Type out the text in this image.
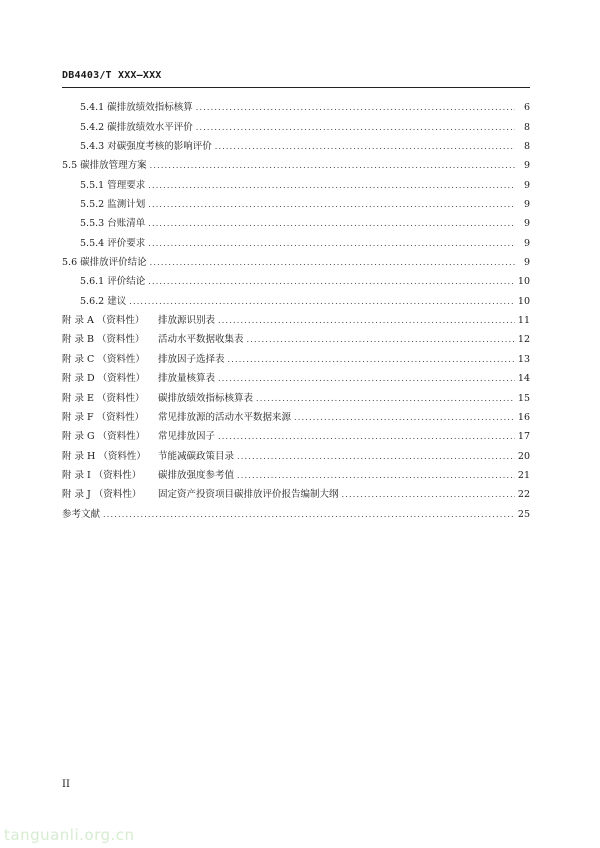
DB4403/T XXX—XXX
5.4.1 碳排放绩效指标核算 .....	6
5.4.2 碳排放绩效水平评价 .....	8
5.4.3 对碳强度考核的影响评价 .....	8
5.5 碳排放管理方案 .....	9
5.5.1 管理要求 .....	9
5.5.2 监测计划 .....	9
5.5.3 台账清单 .....	9
5.5.4 评价要求 .....	9
5.6 碳排放评价结论 .....	9
5.6.1 评价结论 .....	10
5.6.2 建议 .....	10
附 录 A （资料性） 排放源识别表 .....	11
附 录 B （资料性） 活动水平数据收集表 .....	12
附 录 C （资料性） 排放因子选择表 .....	13
附 录 D （资料性） 排放量核算表 .....	14
附 录 E （资料性） 碳排放绩效指标核算表 .....	15
附 录 F （资料性） 常见排放源的活动水平数据来源 .....	16
附 录 G （资料性） 常见排放因子 .....	17
附 录 H （资料性） 节能减碳政策目录 .....	20
附 录 I （资料性） 碳排放强度参考值 .....	21
附 录 J （资料性） 固定资产投资项目碳排放评价报告编制大纲 .....	22
参考文献 .....	25
II
tanguanli.org.cn
